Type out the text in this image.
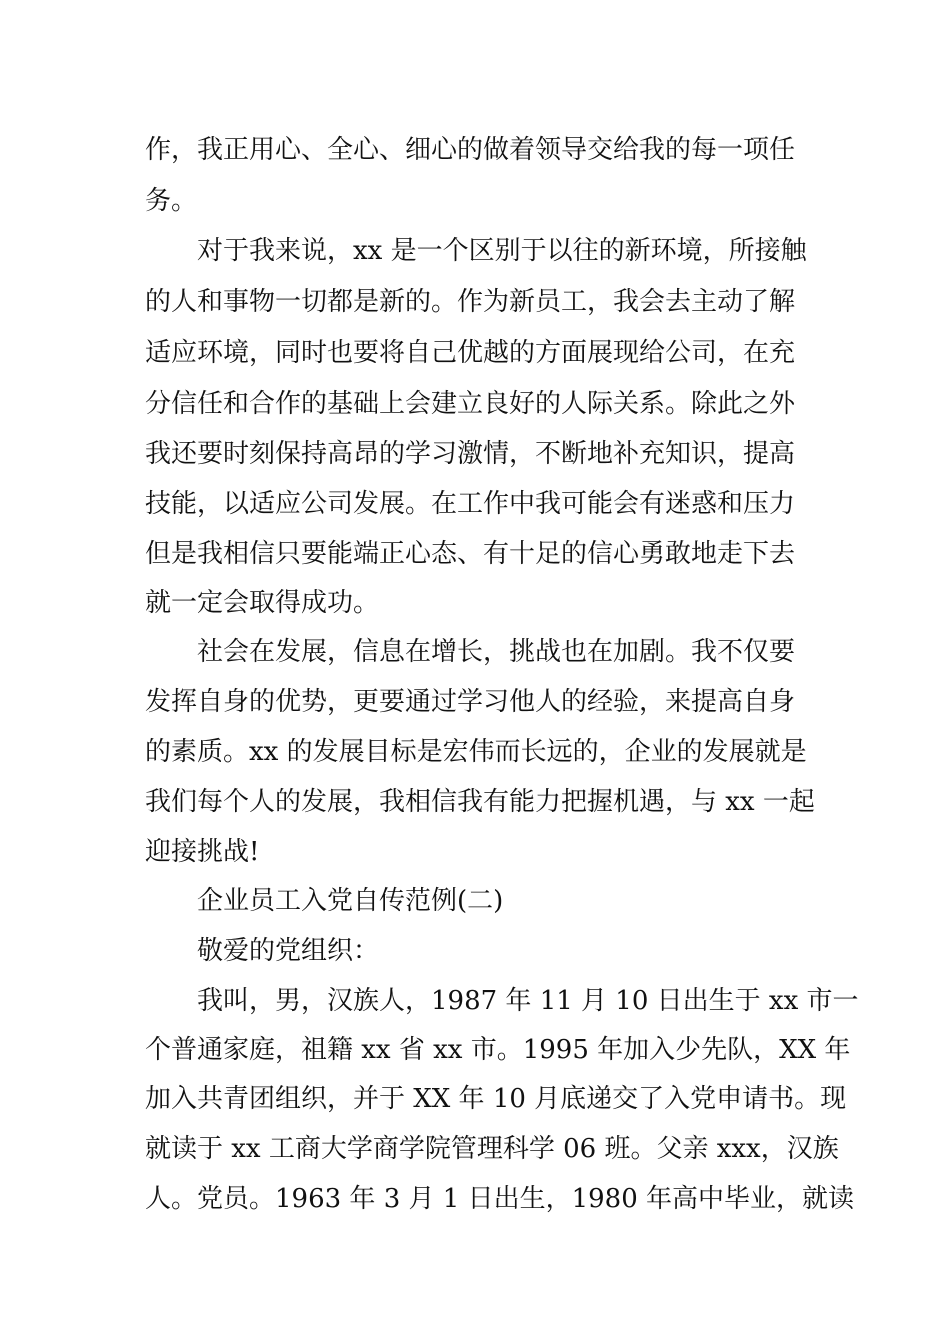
作，我正用心、全心、细心的做着领导交给我的每一项任
务。
对于我来说，xx 是一个区别于以往的新环境，所接触
的人和事物一切都是新的。作为新员工，我会去主动了解
适应环境，同时也要将自己优越的方面展现给公司，在充
分信任和合作的基础上会建立良好的人际关系。除此之外
我还要时刻保持高昂的学习激情，不断地补充知识，提高
技能，以适应公司发展。在工作中我可能会有迷惑和压力
但是我相信只要能端正心态、有十足的信心勇敢地走下去
就一定会取得成功。
社会在发展，信息在增长，挑战也在加剧。我不仅要
发挥自身的优势，更要通过学习他人的经验，来提高自身
的素质。xx 的发展目标是宏伟而长远的，企业的发展就是
我们每个人的发展，我相信我有能力把握机遇，与 xx 一起
迎接挑战!
企业员工入党自传范例(二)
敬爱的党组织：
我叫，男，汉族人，1987 年 11 月 10 日出生于 xx 市一
个普通家庭，祖籍 xx 省 xx 市。1995 年加入少先队，XX 年
加入共青团组织，并于 XX 年 10 月底递交了入党申请书。现
就读于 xx 工商大学商学院管理科学 06 班。父亲 xxx，汉族
人。党员。1963 年 3 月 1 日出生，1980 年高中毕业，就读
